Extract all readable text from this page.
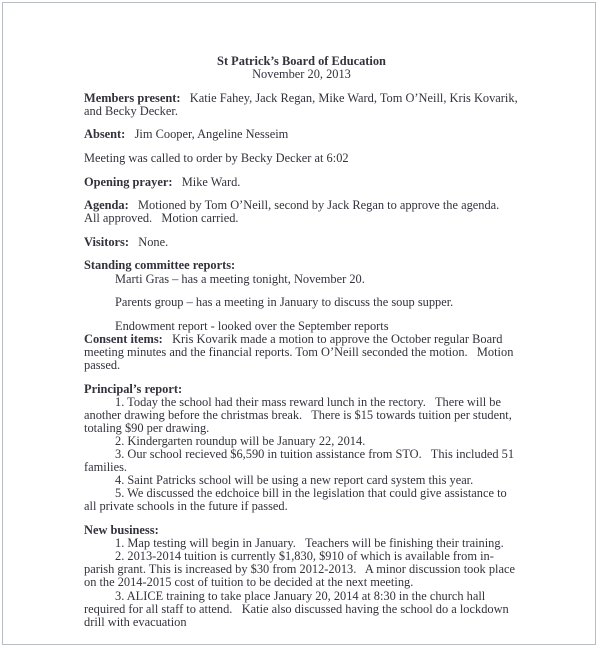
St Patrick’s Board of Education

November 20, 2013

Members present:   Katie Fahey, Jack Regan, Mike Ward, Tom O’Neill, Kris Kovarik, and Becky Decker.

Absent:   Jim Cooper, Angeline Nesseim

Meeting was called to order by Becky Decker at 6:02

Opening prayer:   Mike Ward.

Agenda:   Motioned by Tom O’Neill, second by Jack Regan to approve the agenda.    All approved.   Motion carried.

Visitors:   None.

Standing committee reports:

Marti Gras – has a meeting tonight, November 20.

Parents group – has a meeting in January to discuss the soup supper.

Endowment report - looked over the September reports

Consent items:   Kris Kovarik made a motion to approve the October regular Board meeting minutes and the financial reports. Tom O’Neill seconded the motion.   Motion passed.

Principal’s report:

1. Today the school had their mass reward lunch in the rectory.   There will be another drawing before the christmas break.   There is $15 towards tuition per student, totaling $90 per drawing.

2. Kindergarten roundup will be January 22, 2014.

3. Our school recieved $6,590 in tuition assistance from STO.   This included 51 families.

4. Saint Patricks school will be using a new report card system this year.

5. We discussed the edchoice bill in the legislation that could give assistance to all private schools in the future if passed.

New business:

1. Map testing will begin in January.   Teachers will be finishing their training.

2. 2013-2014 tuition is currently $1,830, $910 of which is available from in-parish grant. This is increased by $30 from 2012-2013.   A minor discussion took place on the 2014-2015 cost of tuition to be decided at the next meeting.

3. ALICE training to take place January 20, 2014 at 8:30 in the church hall required for all staff to attend.   Katie also discussed having the school do a lockdown drill with evacuation
